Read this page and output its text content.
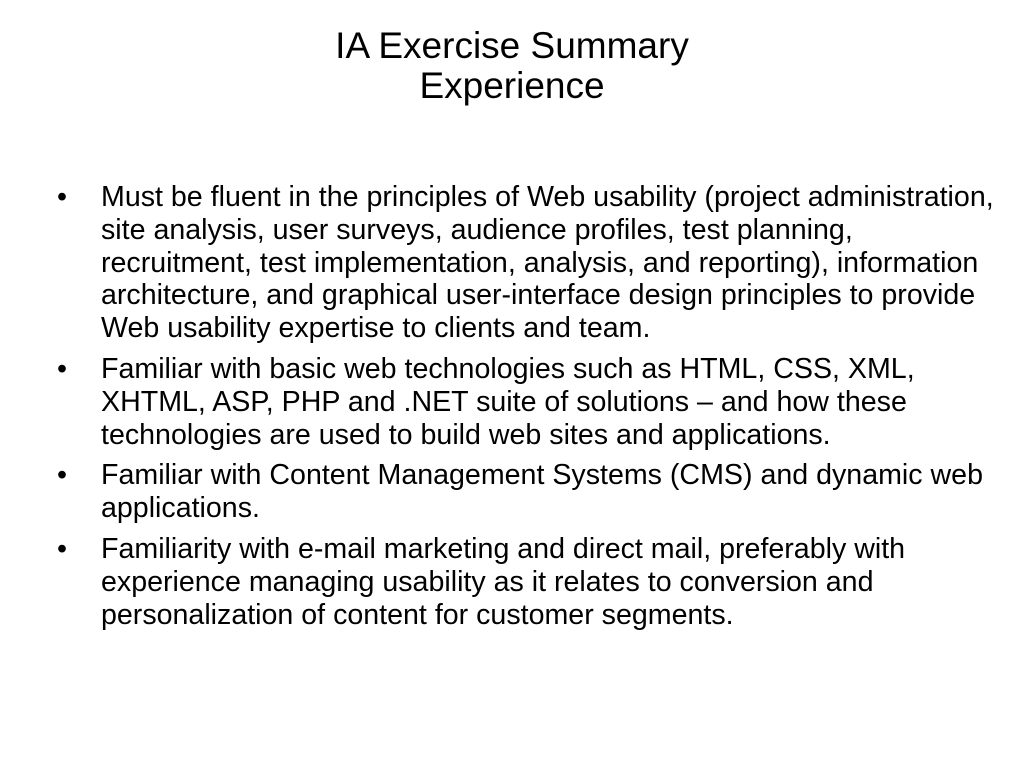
IA Exercise Summary
Experience
•	Must be fluent in the principles of Web usability (project administration, site analysis, user surveys, audience profiles, test planning, recruitment, test implementation, analysis, and reporting), information architecture, and graphical user-interface design principles to provide Web usability expertise to clients and team.
•	Familiar with basic web technologies such as HTML, CSS, XML, XHTML, ASP, PHP and .NET suite of solutions – and how these technologies are used to build web sites and applications.
•	Familiar with Content Management Systems (CMS) and dynamic web applications.
•	Familiarity with e-mail marketing and direct mail, preferably with experience managing usability as it relates to conversion and personalization of content for customer segments.
